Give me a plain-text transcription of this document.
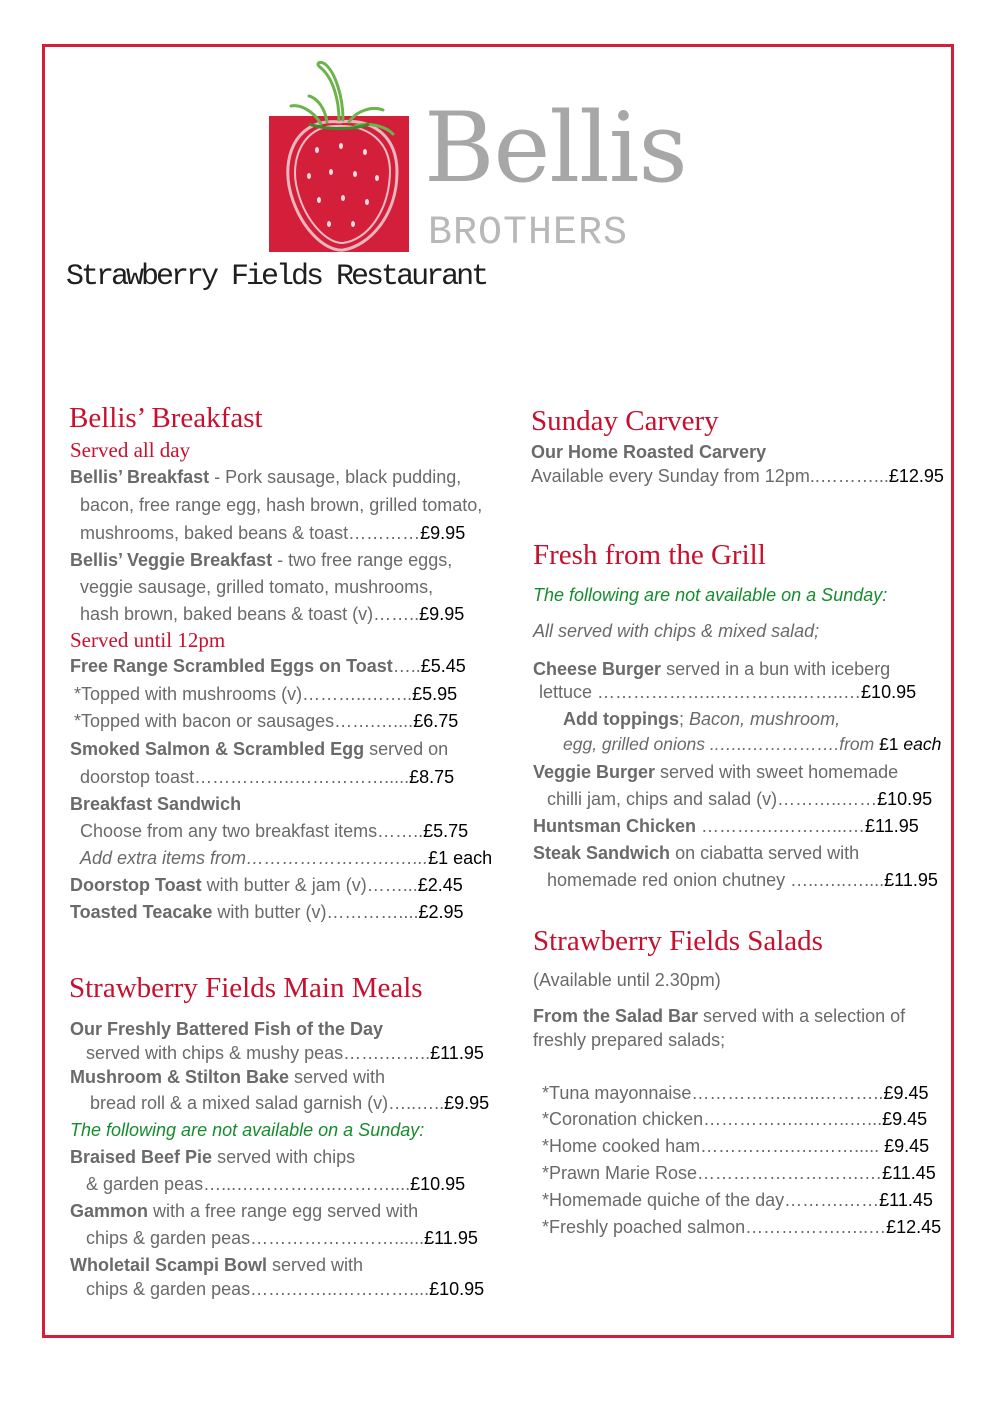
Bellis
BROTHERS
Strawberry Fields Restaurant
Bellis’ Breakfast
Served all day
Bellis’ Breakfast - Pork sausage, black pudding,
bacon, free range egg, hash brown, grilled tomato,
mushrooms, baked beans & toast…………£9.95
Bellis’ Veggie Breakfast - two free range eggs,
veggie sausage, grilled tomato, mushrooms,
hash brown, baked beans & toast (v)……..£9.95
Served until 12pm
Free Range Scrambled Eggs on Toast…..£5.45
*Topped with mushrooms (v)………..……..£5.95
*Topped with bacon or sausages…….…....£6.75
Smoked Salmon & Scrambled Egg served on
doorstop toast……………..…………….....£8.75
Breakfast Sandwich
Choose from any two breakfast items……..£5.75
Add extra items from…………………….…...£1 each
Doorstop Toast with butter & jam (v)……...£2.45
Toasted Teacake with butter (v)…………....£2.95
Strawberry Fields Main Meals
Our Freshly Battered Fish of the Day
served with chips & mushy peas…….……..£11.95
Mushroom & Stilton Bake served with
bread roll & a mixed salad garnish (v)…..…..£9.95
The following are not available on a Sunday:
Braised Beef Pie served with chips
& garden peas…...……………..………....£10.95
Gammon with a free range egg served with
chips & garden peas……………………......£11.95
Wholetail Scampi Bowl served with
chips & garden peas…….……..…………....£10.95
Sunday Carvery
Our Home Roasted Carvery
Available every Sunday from 12pm..………...£12.95
Fresh from the Grill
The following are not available on a Sunday:
All served with chips & mixed salad;
Cheese Burger served in a bun with iceberg
lettuce ………………..…………..……..…£10.95
Add toppings; Bacon, mushroom,
egg, grilled onions ..…..…………….from £1 each
Veggie Burger served with sweet homemade
chilli jam, chips and salad (v)………..……£10.95
Huntsman Chicken ………….………...…£11.95
Steak Sandwich on ciabatta served with
homemade red onion chutney …..…..…....£11.95
Strawberry Fields Salads
(Available until 2.30pm)
From the Salad Bar served with a selection of
freshly prepared salads;
*Tuna mayonnaise……………..…..………..£9.45
*Coronation chicken……………..……..…...£9.45
*Home cooked ham…………….….……..... £9.45
*Prawn Marie Rose……………………….…£11.45
*Homemade quiche of the day……….……£11.45
*Freshly poached salmon…………….…..…£12.45
